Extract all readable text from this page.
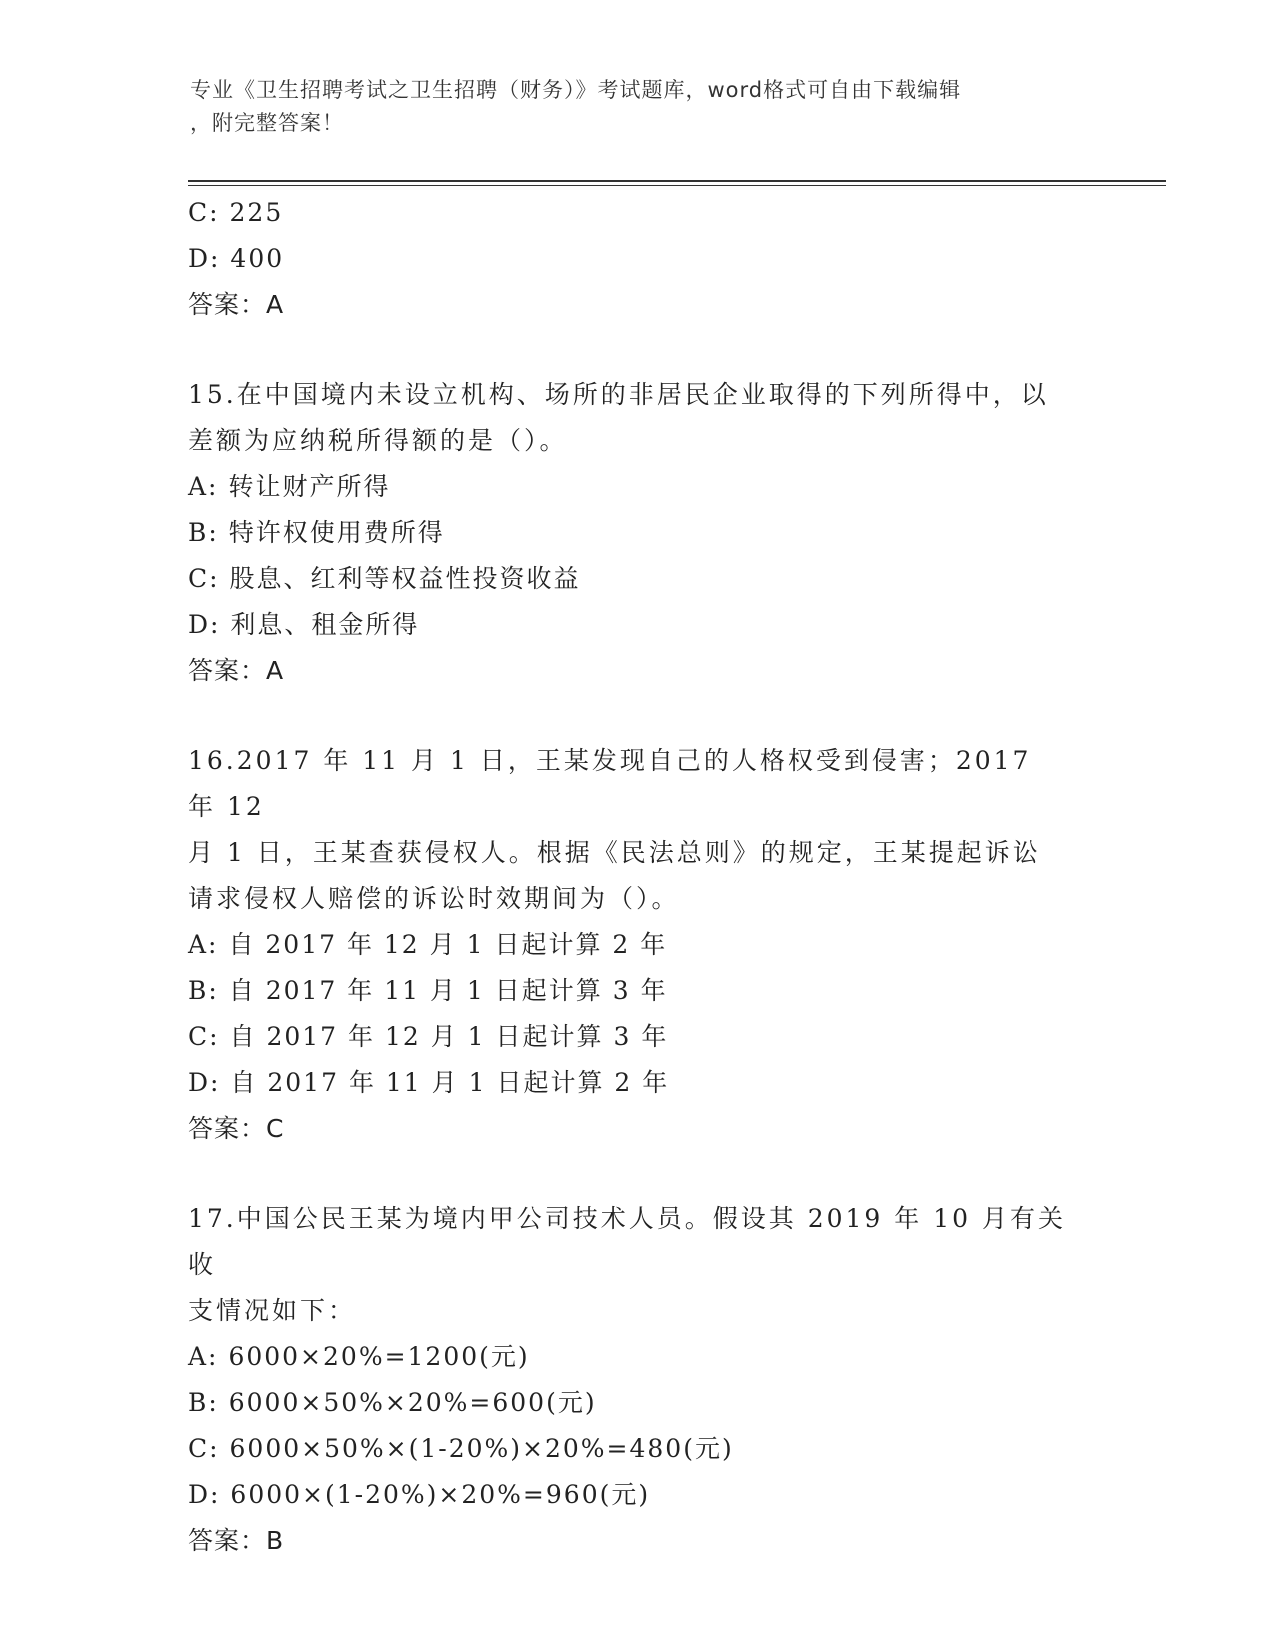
专业《卫生招聘考试之卫生招聘（财务）》考试题库，word格式可自由下载编辑
，附完整答案！
C: 225
D: 400
答案：A
15.在中国境内未设立机构、场所的非居民企业取得的下列所得中，以
差额为应纳税所得额的是（）。
A: 转让财产所得
B: 特许权使用费所得
C: 股息、红利等权益性投资收益
D: 利息、租金所得
答案：A
16.2017 年 11 月 1 日，王某发现自己的人格权受到侵害；2017 年 12
月 1 日，王某查获侵权人。根据《民法总则》的规定，王某提起诉讼
请求侵权人赔偿的诉讼时效期间为（）。
A: 自 2017 年 12 月 1 日起计算 2 年
B: 自 2017 年 11 月 1 日起计算 3 年
C: 自 2017 年 12 月 1 日起计算 3 年
D: 自 2017 年 11 月 1 日起计算 2 年
答案：C
17.中国公民王某为境内甲公司技术人员。假设其 2019 年 10 月有关收
支情况如下：
A: 6000×20%=1200(元)
B: 6000×50%×20%=600(元)
C: 6000×50%×(1-20%)×20%=480(元)
D: 6000×(1-20%)×20%=960(元)
答案：B
